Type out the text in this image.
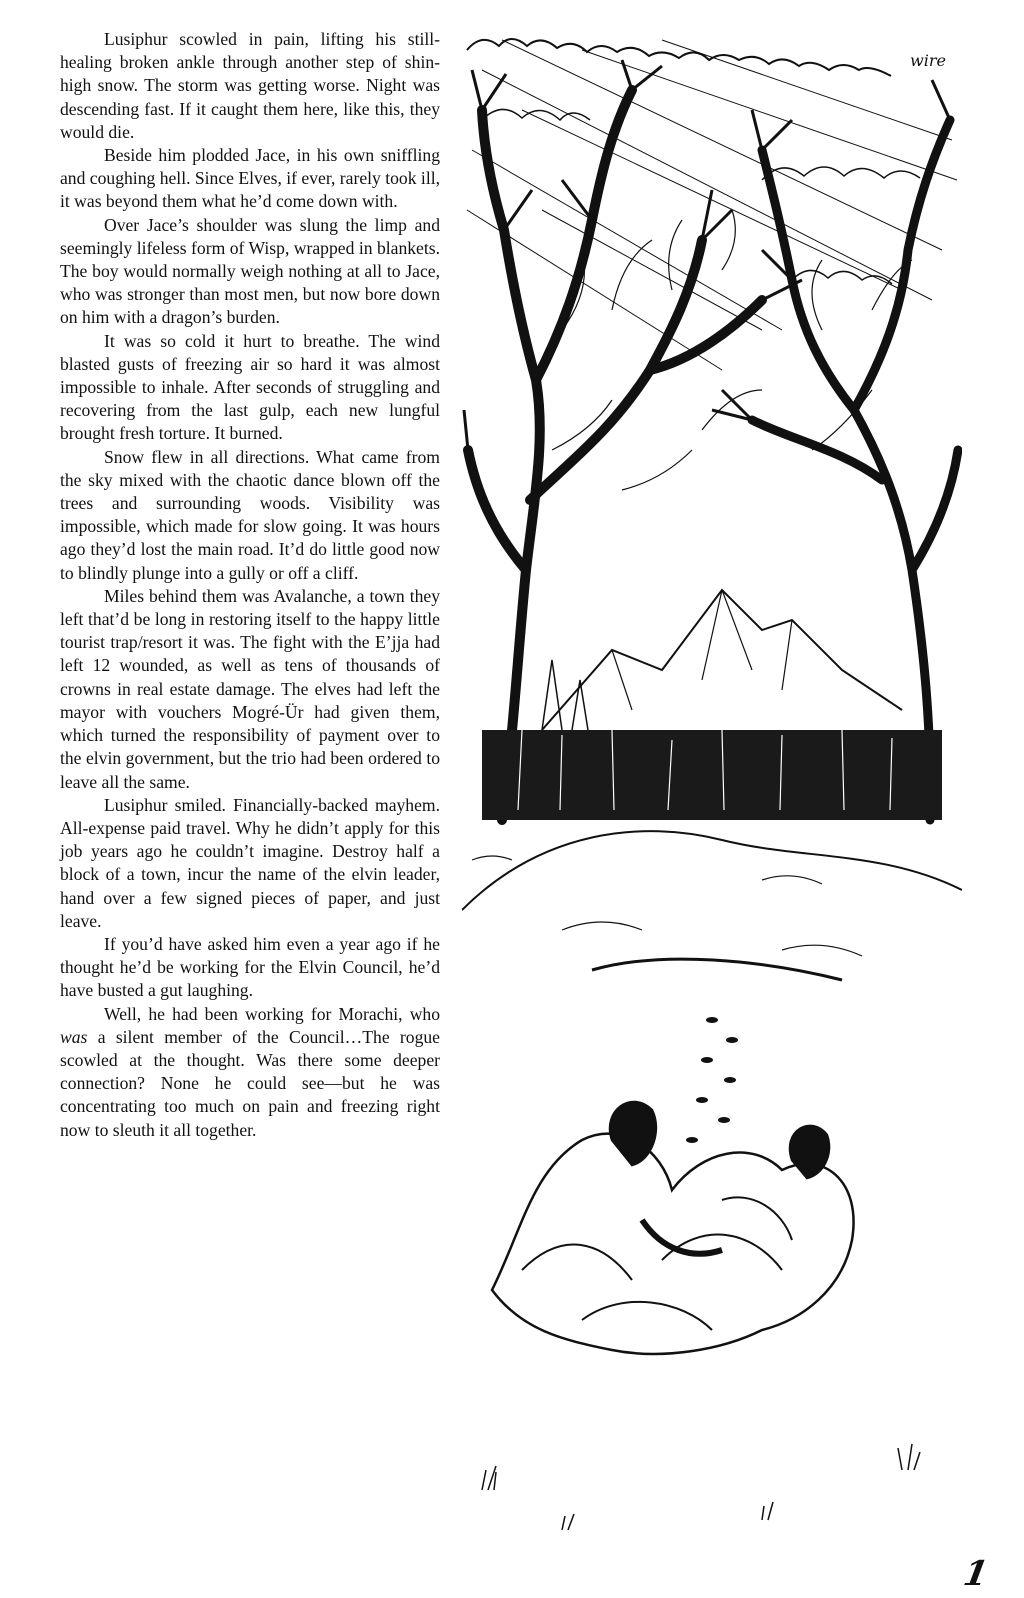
Lusiphur scowled in pain, lifting his still-healing broken ankle through another step of shin-high snow. The storm was getting worse. Night was descending fast. If it caught them here, like this, they would die.

Beside him plodded Jace, in his own sniffling and coughing hell. Since Elves, if ever, rarely took ill, it was beyond them what he’d come down with.

Over Jace’s shoulder was slung the limp and seemingly lifeless form of Wisp, wrapped in blankets. The boy would normally weigh nothing at all to Jace, who was stronger than most men, but now bore down on him with a dragon’s burden.

It was so cold it hurt to breathe. The wind blasted gusts of freezing air so hard it was almost impossible to inhale. After seconds of struggling and recovering from the last gulp, each new lungful brought fresh torture. It burned.

Snow flew in all directions. What came from the sky mixed with the chaotic dance blown off the trees and surrounding woods. Visibility was impossible, which made for slow going. It was hours ago they’d lost the main road. It’d do little good now to blindly plunge into a gully or off a cliff.

Miles behind them was Avalanche, a town they left that’d be long in restoring itself to the happy little tourist trap/resort it was. The fight with the E’jja had left 12 wounded, as well as tens of thousands of crowns in real estate damage. The elves had left the mayor with vouchers Mogré-Ür had given them, which turned the responsibility of payment over to the elvin government, but the trio had been ordered to leave all the same.

Lusiphur smiled. Financially-backed mayhem. All-expense paid travel. Why he didn’t apply for this job years ago he couldn’t imagine. Destroy half a block of a town, incur the name of the elvin leader, hand over a few signed pieces of paper, and just leave.

If you’d have asked him even a year ago if he thought he’d be working for the Elvin Council, he’d have busted a gut laughing.

Well, he had been working for Morachi, who was a silent member of the Council…The rogue scowled at the thought. Was there some deeper connection? None he could see—but he was concentrating too much on pain and freezing right now to sleuth it all together.

wire
1
